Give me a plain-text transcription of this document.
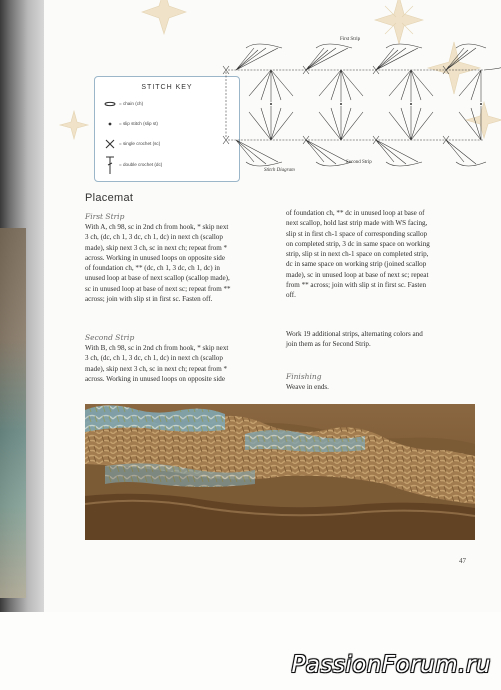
STITCH KEY
= chain (ch)
= slip stitch (slip st)
= single crochet (sc)
= double crochet (dc)
First Strip
Second Strip
Stitch Diagram
Placemat
First Strip
With A, ch 98, sc in 2nd ch from hook, * skip next
3 ch, (dc, ch 1, 3 dc, ch 1, dc) in next ch (scallop
made), skip next 3 ch, sc in next ch; repeat from *
across. Working in unused loops on opposite side
of foundation ch, ** (dc, ch 1, 3 dc, ch 1, dc) in
unused loop at base of next scallop (scallop made),
sc in unused loop at base of next sc; repeat from **
across; join with slip st in first sc. Fasten off.
Second Strip
With B, ch 98, sc in 2nd ch from hook, * skip next
3 ch, (dc, ch 1, 3 dc, ch 1, dc) in next ch (scallop
made), skip next 3 ch, sc in next ch; repeat from *
across. Working in unused loops on opposite side
of foundation ch, ** dc in unused loop at base of
next scallop, hold last strip made with WS facing,
slip st in first ch-1 space of corresponding scallop
on completed strip, 3 dc in same space on working
strip, slip st in next ch-1 space on completed strip,
dc in same space on working strip (joined scallop
made), sc in unused loop at base of next sc; repeat
from ** across; join with slip st in first sc. Fasten
off.
Work 19 additional strips, alternating colors and
join them as for Second Strip.
Finishing
Weave in ends.
47
PassionForum.ru
